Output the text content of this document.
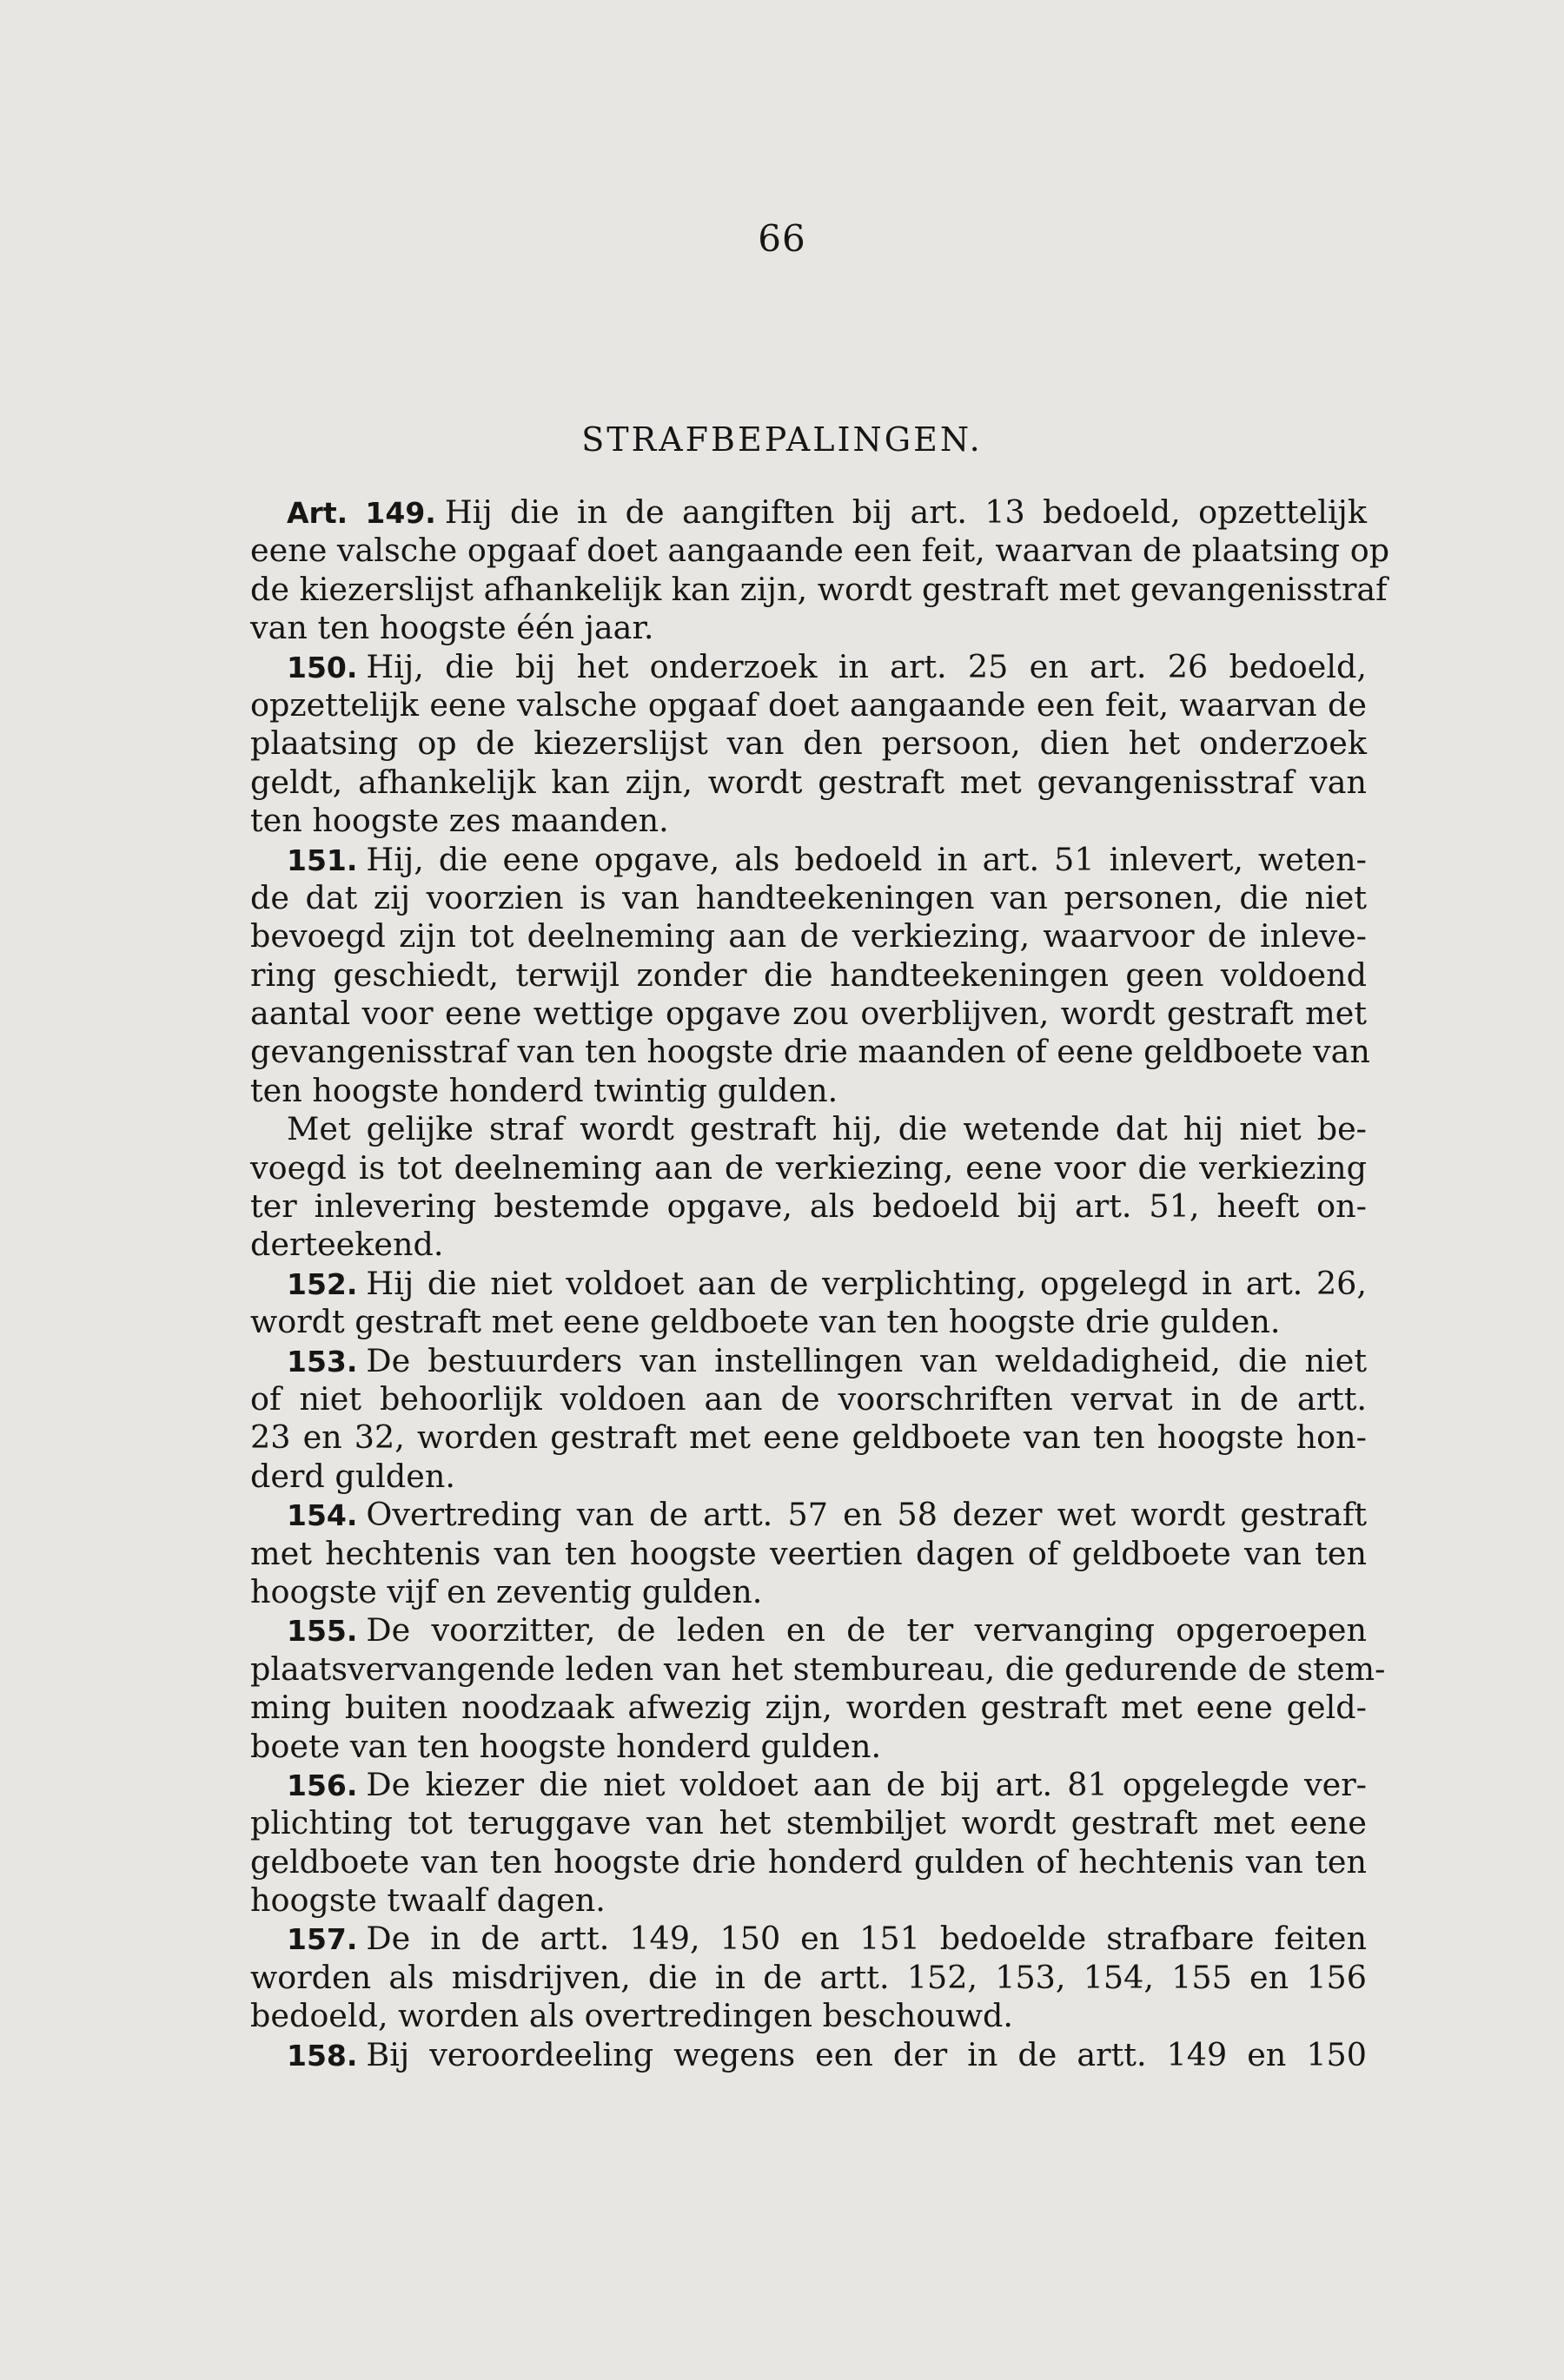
66
STRAFBEPALINGEN.
Art. 149. Hij die in de aangiften bij art. 13 bedoeld, opzettelijk
eene valsche opgaaf doet aangaande een feit, waarvan de plaatsing op
de kiezerslijst afhankelijk kan zijn, wordt gestraft met gevangenisstraf
van ten hoogste één jaar.
150. Hij, die bij het onderzoek in art. 25 en art. 26 bedoeld,
opzettelijk eene valsche opgaaf doet aangaande een feit, waarvan de
plaatsing op de kiezerslijst van den persoon, dien het onderzoek
geldt, afhankelijk kan zijn, wordt gestraft met gevangenisstraf van
ten hoogste zes maanden.
151. Hij, die eene opgave, als bedoeld in art. 51 inlevert, weten-
de dat zij voorzien is van handteekeningen van personen, die niet
bevoegd zijn tot deelneming aan de verkiezing, waarvoor de inleve-
ring geschiedt, terwijl zonder die handteekeningen geen voldoend
aantal voor eene wettige opgave zou overblijven, wordt gestraft met
gevangenisstraf van ten hoogste drie maanden of eene geldboete van
ten hoogste honderd twintig gulden.
Met gelijke straf wordt gestraft hij, die wetende dat hij niet be-
voegd is tot deelneming aan de verkiezing, eene voor die verkiezing
ter inlevering bestemde opgave, als bedoeld bij art. 51, heeft on-
derteekend.
152. Hij die niet voldoet aan de verplichting, opgelegd in art. 26,
wordt gestraft met eene geldboete van ten hoogste drie gulden.
153. De bestuurders van instellingen van weldadigheid, die niet
of niet behoorlijk voldoen aan de voorschriften vervat in de artt.
23 en 32, worden gestraft met eene geldboete van ten hoogste hon-
derd gulden.
154. Overtreding van de artt. 57 en 58 dezer wet wordt gestraft
met hechtenis van ten hoogste veertien dagen of geldboete van ten
hoogste vijf en zeventig gulden.
155. De voorzitter, de leden en de ter vervanging opgeroepen
plaatsvervangende leden van het stembureau, die gedurende de stem-
ming buiten noodzaak afwezig zijn, worden gestraft met eene geld-
boete van ten hoogste honderd gulden.
156. De kiezer die niet voldoet aan de bij art. 81 opgelegde ver-
plichting tot teruggave van het stembiljet wordt gestraft met eene
geldboete van ten hoogste drie honderd gulden of hechtenis van ten
hoogste twaalf dagen.
157. De in de artt. 149, 150 en 151 bedoelde strafbare feiten
worden als misdrijven, die in de artt. 152, 153, 154, 155 en 156
bedoeld, worden als overtredingen beschouwd.
158. Bij veroordeeling wegens een der in de artt. 149 en 150
